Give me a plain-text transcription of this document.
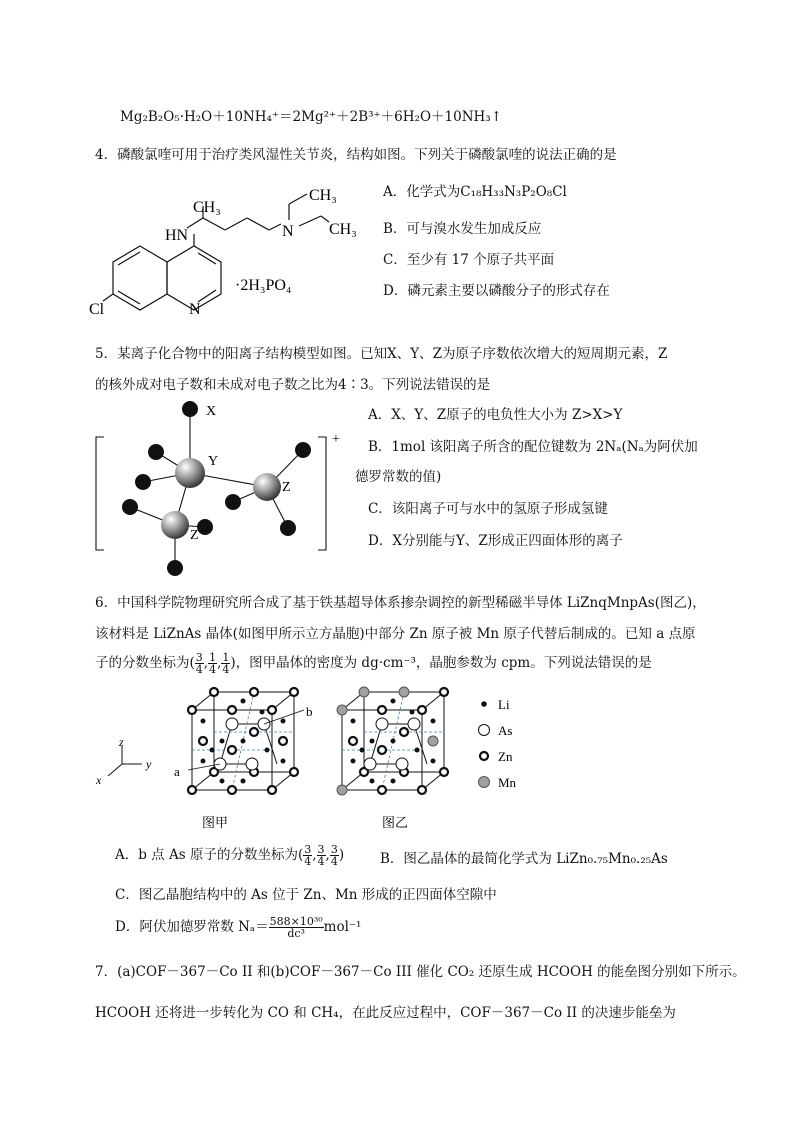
Mg₂B₂O₅·H₂O＋10NH₄⁺＝2Mg²⁺＋2B³⁺＋6H₂O＋10NH₃↑
4．磷酸氯喹可用于治疗类风湿性关节炎，结构如图。下列关于磷酸氯喹的说法正确的是
CH₃
CH₃
CH₃
HN	N
N
Cl
·2H₃PO₄
A．化学式为C₁₈H₃₃N₃P₂O₈Cl
B．可与溴水发生加成反应
C．至少有 17 个原子共平面
D．磷元素主要以磷酸分子的形式存在
5．某离子化合物中的阳离子结构模型如图。已知X、Y、Z为原子序数依次增大的短周期元素，Z
的核外成对电子数和未成对电子数之比为4∶3。下列说法错误的是
X
Y
Z
Z
+
A．X、Y、Z原子的电负性大小为 Z>X>Y
B．1mol 该阳离子所含的配位键数为 2Nₐ(Nₐ为阿伏加
德罗常数的值)
C．该阳离子可与水中的氢原子形成氢键
D．X分别能与Y、Z形成正四面体形的离子
6．中国科学院物理研究所合成了基于铁基超导体系掺杂调控的新型稀磁半导体 LiZnqMnpAs(图乙)，
该材料是 LiZnAs 晶体(如图甲所示立方晶胞)中部分 Zn 原子被 Mn 原子代替后制成的。已知 a 点原
子的分数坐标为( $\frac{3}{4}$ , $\frac{1}{4}$ , $\frac{1}{4}$ )，图甲晶体的密度为 dg·cm⁻³，晶胞参数为 cpm。下列说法错误的是
z
y
x
a
b	Li
As
Zn
Mn
图甲	图乙
A．b 点 As 原子的分数坐标为( $\frac{3}{4}$ , $\frac{3}{4}$ , $\frac{3}{4}$ )	B．图乙晶体的最简化学式为 LiZn₀.₇₅Mn₀.₂₅As
C．图乙晶胞结构中的 As 位于 Zn、Mn 形成的正四面体空隙中
D．阿伏加德罗常数 $N_a= \frac{\text{588×10³⁰}}{\text{dc³}} mol^{-1}$
7．(a)COF－367－Co II 和(b)COF－367－Co III 催化 CO₂ 还原生成 HCOOH 的能垒图分别如下所示。
HCOOH 还将进一步转化为 CO 和 CH₄，在此反应过程中，COF－367－Co II 的决速步能垒为
